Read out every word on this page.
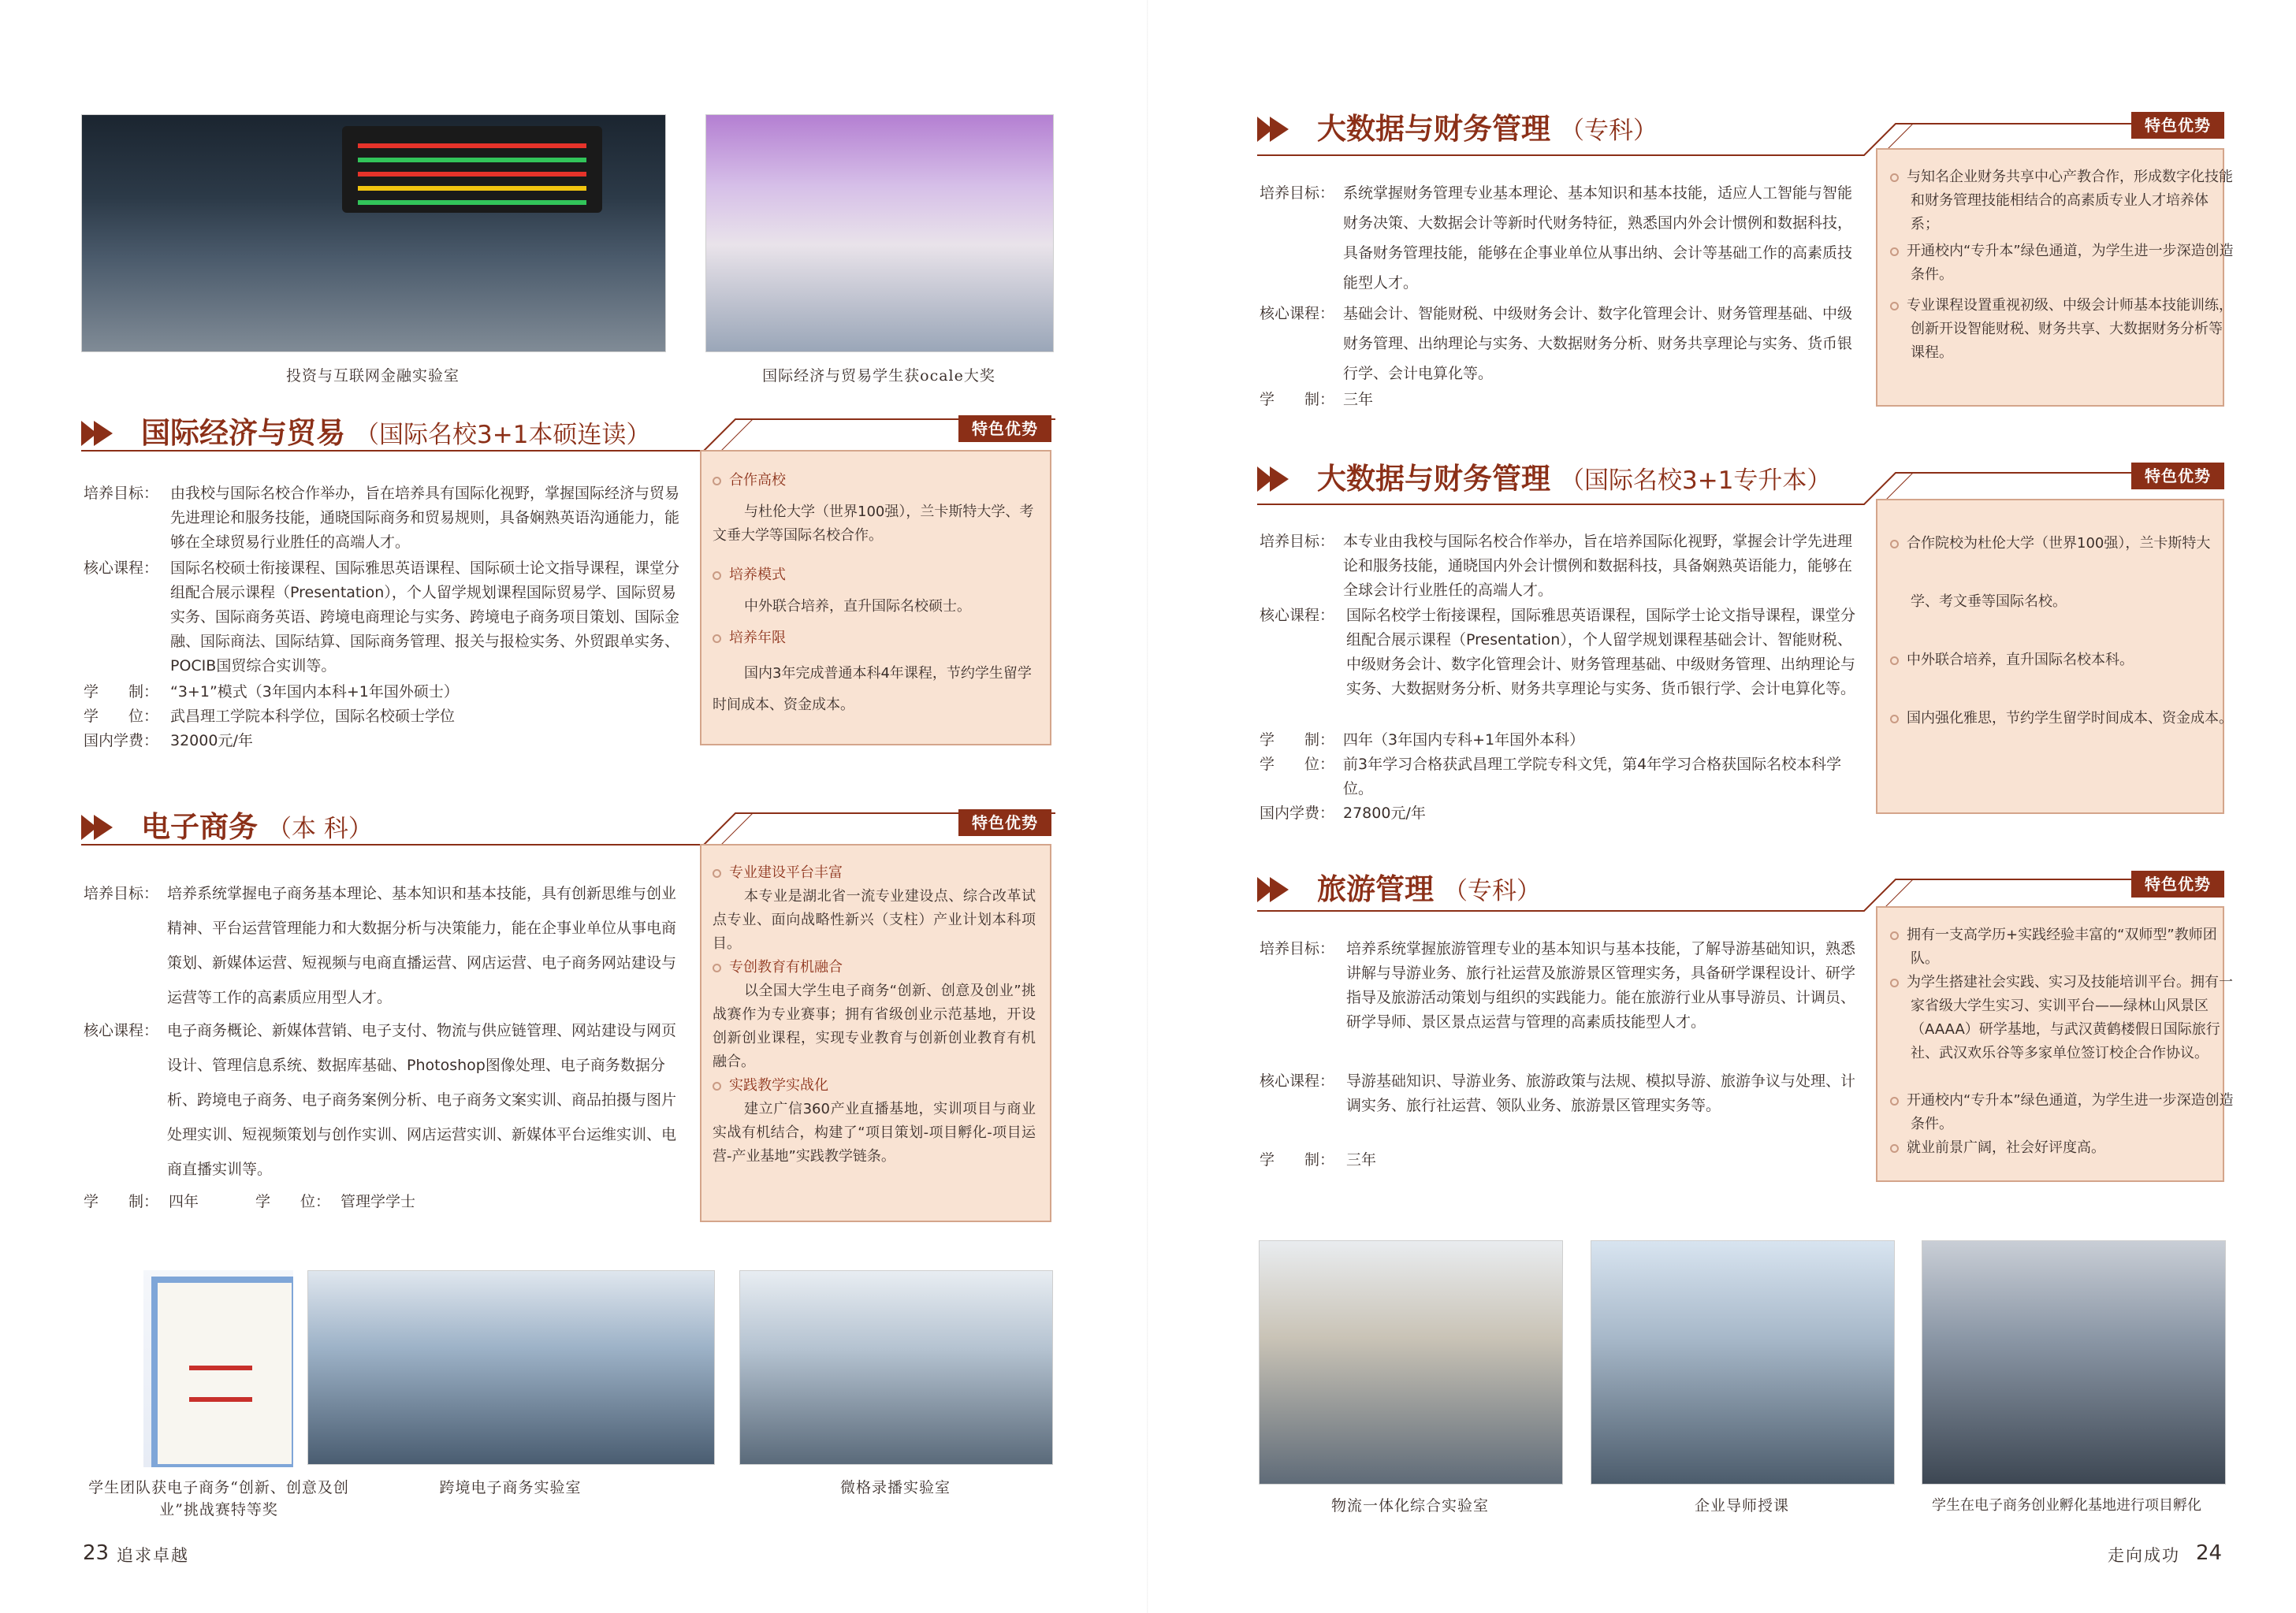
投资与互联网金融实验室	国际经济与贸易学生获ocale大奖
国际经济与贸易 （国际名校3+1本硕连读）	特色优势
培养目标： 由我校与国际名校合作举办，旨在培养具有国际化视野，掌握国际经济与贸易先进理论和服务技能，通晓国际商务和贸易规则，具备娴熟英语沟通能力，能够在全球贸易行业胜任的高端人才。
核心课程： 国际名校硕士衔接课程、国际雅思英语课程、国际硕士论文指导课程，课堂分组配合展示课程（Presentation），个人留学规划课程国际贸易学、国际贸易实务、国际商务英语、跨境电商理论与实务、跨境电子商务项目策划、国际金融、国际商法、国际结算、国际商务管理、报关与报检实务、外贸跟单实务、POCIB国贸综合实训等。
学　　制： “3+1”模式（3年国内本科+1年国外硕士）
学　　位： 武昌理工学院本科学位，国际名校硕士学位
国内学费： 32000元/年
合作高校
与杜伦大学（世界100强），兰卡斯特大学、考文垂大学等国际名校合作。
培养模式
中外联合培养，直升国际名校硕士。
培养年限
国内3年完成普通本科4年课程，节约学生留学时间成本、资金成本。
电子商务 （本 科）	特色优势
培养目标： 培养系统掌握电子商务基本理论、基本知识和基本技能，具有创新思维与创业精神、平台运营管理能力和大数据分析与决策能力，能在企事业单位从事电商策划、新媒体运营、短视频与电商直播运营、网店运营、电子商务网站建设与运营等工作的高素质应用型人才。
核心课程： 电子商务概论、新媒体营销、电子支付、物流与供应链管理、网站建设与网页设计、管理信息系统、数据库基础、Photoshop图像处理、电子商务数据分析、跨境电子商务、电子商务案例分析、电子商务文案实训、商品拍摄与图片处理实训、短视频策划与创作实训、网店运营实训、新媒体平台运维实训、电商直播实训等。
学　　制： 四年	学　　位： 管理学学士
专业建设平台丰富
本专业是湖北省一流专业建设点、综合改革试点专业、面向战略性新兴（支柱）产业计划本科项目。
专创教育有机融合
以全国大学生电子商务“创新、创意及创业”挑战赛作为专业赛事；拥有省级创业示范基地，开设创新创业课程，实现专业教育与创新创业教育有机融合。
实践教学实战化
建立广信360产业直播基地，实训项目与商业实战有机结合，构建了“项目策划-项目孵化-项目运营-产业基地”实践教学链条。
学生团队获电子商务“创新、创意及创业”挑战赛特等奖
跨境电子商务实验室	微格录播实验室
23 追求卓越
大数据与财务管理 （专科）	特色优势
培养目标： 系统掌握财务管理专业基本理论、基本知识和基本技能，适应人工智能与智能财务决策、大数据会计等新时代财务特征，熟悉国内外会计惯例和数据科技，具备财务管理技能，能够在企事业单位从事出纳、会计等基础工作的高素质技能型人才。
核心课程： 基础会计、智能财税、中级财务会计、数字化管理会计、财务管理基础、中级财务管理、出纳理论与实务、大数据财务分析、财务共享理论与实务、货币银行学、会计电算化等。
学　　制： 三年
与知名企业财务共享中心产教合作，形成数字化技能和财务管理技能相结合的高素质专业人才培养体系；
开通校内“专升本”绿色通道，为学生进一步深造创造条件。
专业课程设置重视初级、中级会计师基本技能训练，创新开设智能财税、财务共享、大数据财务分析等课程。
大数据与财务管理 （国际名校3+1专升本）	特色优势
培养目标： 本专业由我校与国际名校合作举办，旨在培养国际化视野，掌握会计学先进理论和服务技能，通晓国内外会计惯例和数据科技，具备娴熟英语能力，能够在全球会计行业胜任的高端人才。
核心课程： 国际名校学士衔接课程，国际雅思英语课程，国际学士论文指导课程，课堂分组配合展示课程（Presentation），个人留学规划课程基础会计、智能财税、中级财务会计、数字化管理会计、财务管理基础、中级财务管理、出纳理论与实务、大数据财务分析、财务共享理论与实务、货币银行学、会计电算化等。
学　　制： 四年（3年国内专科+1年国外本科）
学　　位： 前3年学习合格获武昌理工学院专科文凭，第4年学习合格获国际名校本科学位。
国内学费： 27800元/年
合作院校为杜伦大学（世界100强），兰卡斯特大学、考文垂等国际名校。
中外联合培养，直升国际名校本科。
国内强化雅思，节约学生留学时间成本、资金成本。
旅游管理 （专科）	特色优势
培养目标： 培养系统掌握旅游管理专业的基本知识与基本技能，了解导游基础知识，熟悉讲解与导游业务、旅行社运营及旅游景区管理实务，具备研学课程设计、研学指导及旅游活动策划与组织的实践能力。能在旅游行业从事导游员、计调员、研学导师、景区景点运营与管理的高素质技能型人才。
核心课程： 导游基础知识、导游业务、旅游政策与法规、模拟导游、旅游争议与处理、计调实务、旅行社运营、领队业务、旅游景区管理实务等。
学　　制： 三年
拥有一支高学历+实践经验丰富的“双师型”教师团队。
为学生搭建社会实践、实习及技能培训平台。拥有一家省级大学生实习、实训平台——绿林山风景区（AAAA）研学基地，与武汉黄鹤楼假日国际旅行社、武汉欢乐谷等多家单位签订校企合作协议。
开通校内“专升本”绿色通道，为学生进一步深造创造条件。
就业前景广阔，社会好评度高。
物流一体化综合实验室	企业导师授课	学生在电子商务创业孵化基地进行项目孵化
走向成功 24
